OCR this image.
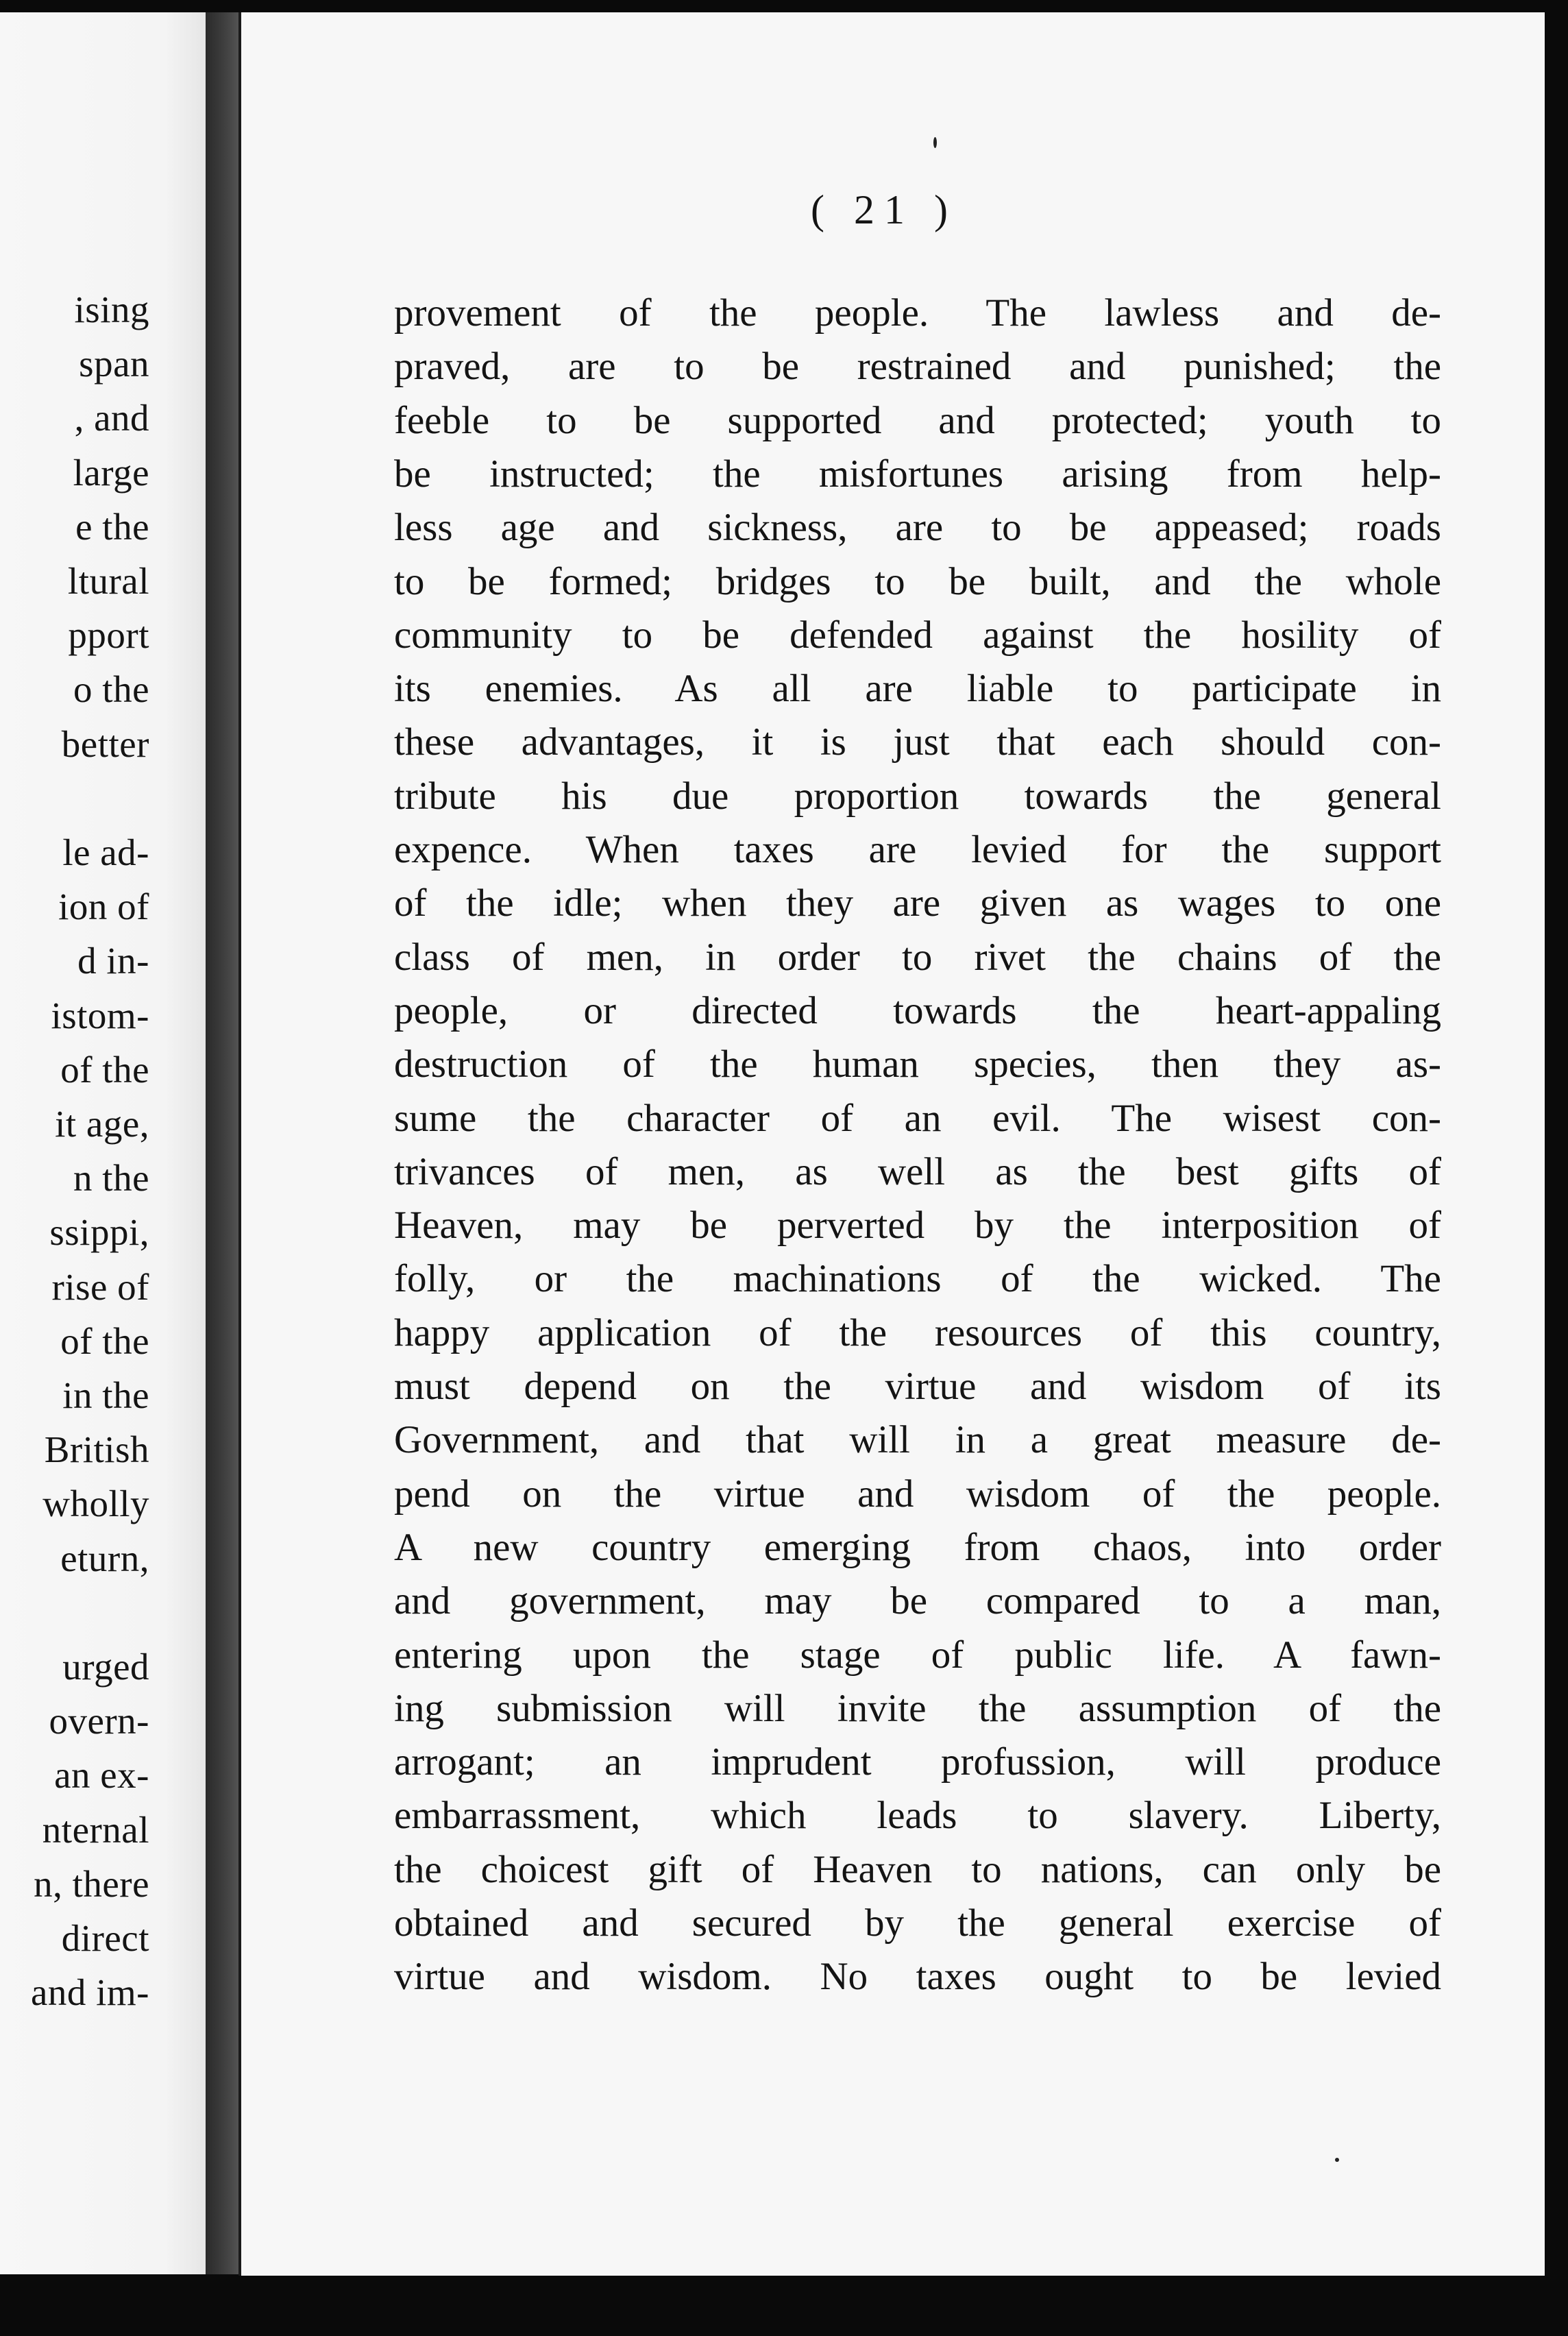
ising
span
, and
large
e the
ltural
pport
o the
better
le ad-
ion of
d in-
istom-
of the
it age,
n the
ssippi,
rise of
of the
in the
British
wholly
eturn,
urged
overn-
an ex-
nternal
n, there
direct
and im-
( 21 )
provement of the people. The lawless and de-
praved, are to be restrained and punished; the
feeble to be supported and protected; youth to
be instructed; the misfortunes arising from help-
less age and sickness, are to be appeased; roads
to be formed; bridges to be built, and the whole
community to be defended against the hosility of
its enemies. As all are liable to participate in
these advantages, it is just that each should con-
tribute his due proportion towards the general
expence. When taxes are levied for the support
of the idle; when they are given as wages to one
class of men, in order to rivet the chains of the
people, or directed towards the heart-appaling
destruction of the human species, then they as-
sume the character of an evil. The wisest con-
trivances of men, as well as the best gifts of
Heaven, may be perverted by the interposition of
folly, or the machinations of the wicked. The
happy application of the resources of this country,
must depend on the virtue and wisdom of its
Government, and that will in a great measure de-
pend on the virtue and wisdom of the people.
A new country emerging from chaos, into order
and government, may be compared to a man,
entering upon the stage of public life. A fawn-
ing submission will invite the assumption of the
arrogant; an imprudent profussion, will produce
embarrassment, which leads to slavery. Liberty,
the choicest gift of Heaven to nations, can only be
obtained and secured by the general exercise of
virtue and wisdom. No taxes ought to be levied
